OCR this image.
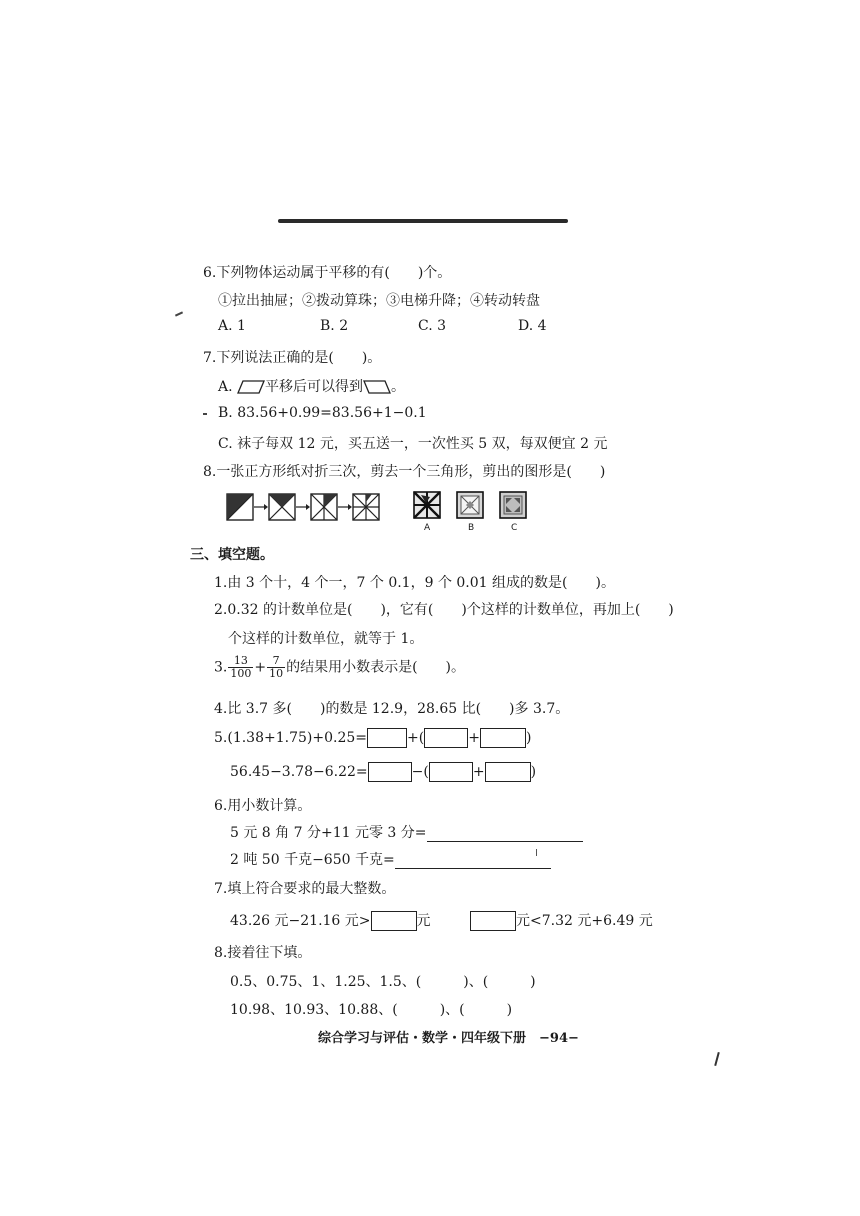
6.下列物体运动属于平移的有(　　)个。
①拉出抽屉；②拨动算珠；③电梯升降；④转动转盘
A. 1	B. 2	C. 3	D. 4
7.下列说法正确的是(　　)。
A. 平移后可以得到 。
B. 83.56+0.99=83.56+1−0.1
C. 袜子每双 12 元，买五送一，一次性买 5 双，每双便宜 2 元
8.一张正方形纸对折三次，剪去一个三角形，剪出的图形是(　　)
A	B	C
三、填空题。
1.由 3 个十，4 个一，7 个 0.1，9 个 0.01 组成的数是(　　)。
2.0.32 的计数单位是(　　)，它有(　　)个这样的计数单位，再加上(　　)
个这样的计数单位，就等于 1。
3. $\frac{13}{100} + \frac{7}{10}$ 的结果用小数表示是(　　)。
4.比 3.7 多(　　)的数是 12.9，28.65 比(　　)多 3.7。
5.(1.38+1.75)+0.25=	+(	+	)
56.45−3.78−6.22=	−(	+	)
6.用小数计算。
5 元 8 角 7 分+11 元零 3 分=
2 吨 50 千克−650 千克=
7.填上符合要求的最大整数。
43.26 元−21.16 元>	元	元<7.32 元+6.49 元
8.接着往下填。
0.5、0.75、1、1.25、1.5、(　　　)、(　　　)
10.98、10.93、10.88、(　　　)、(　　　)
综合学习与评估・数学・四年级下册　−94−
